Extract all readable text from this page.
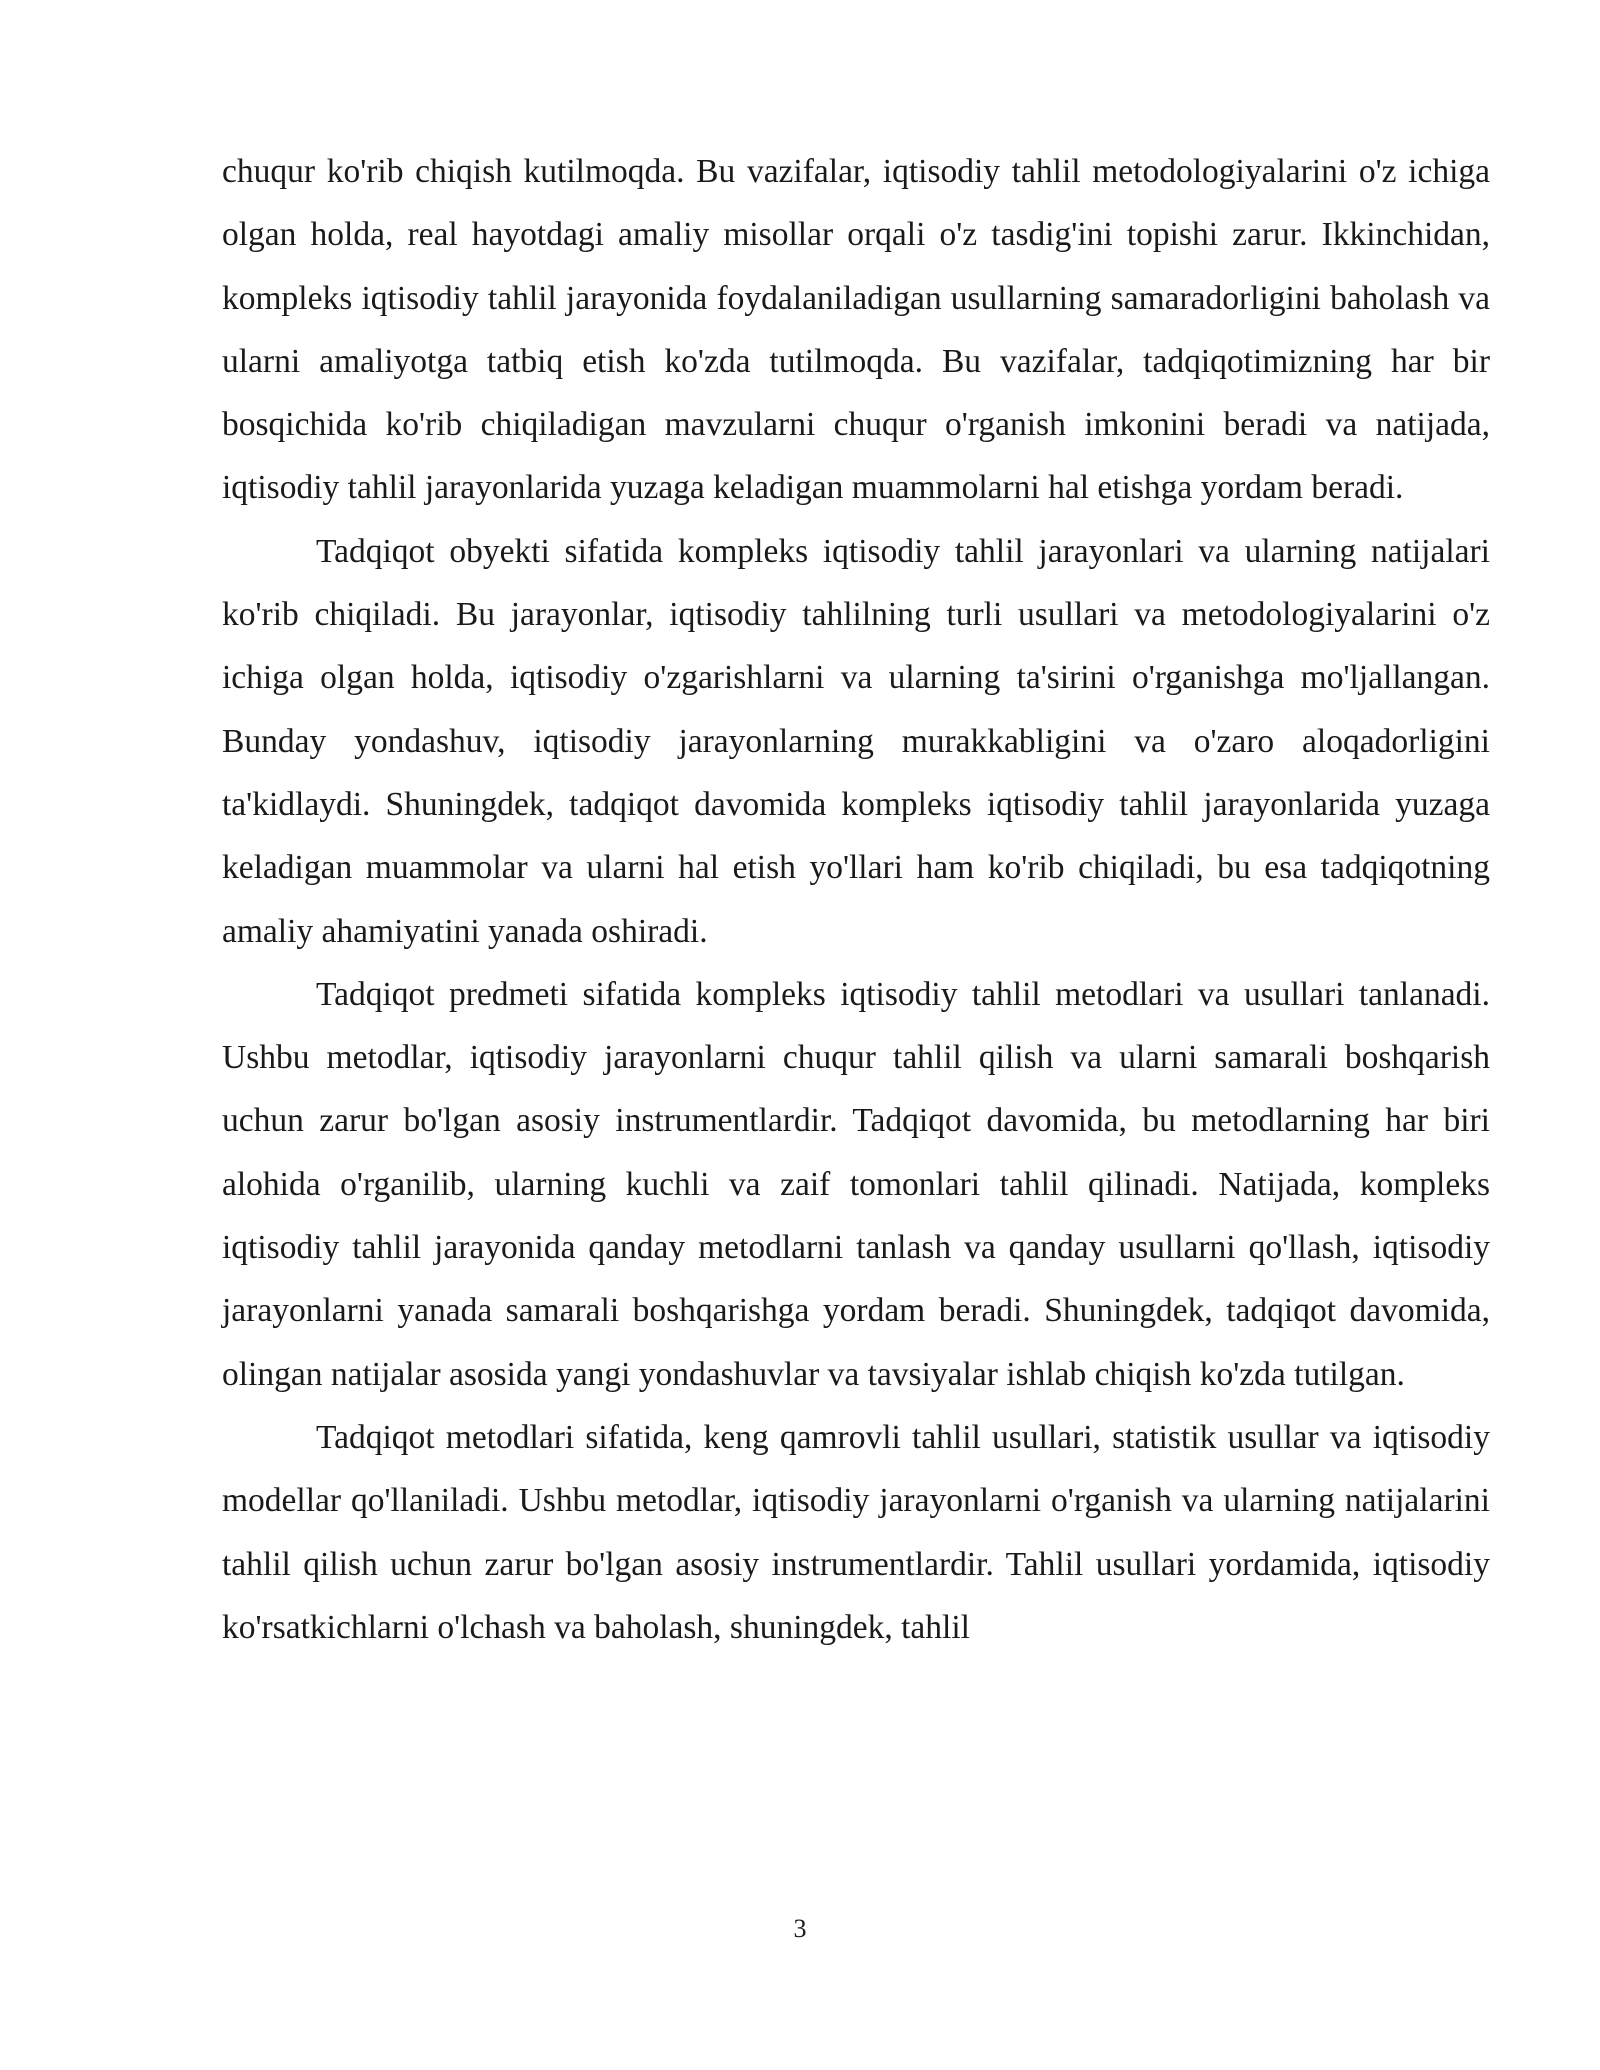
chuqur ko'rib chiqish kutilmoqda. Bu vazifalar, iqtisodiy tahlil metodologiyalarini o'z ichiga olgan holda, real hayotdagi amaliy misollar orqali o'z tasdig'ini topishi zarur. Ikkinchidan, kompleks iqtisodiy tahlil jarayonida foydalaniladigan usullarning samaradorligini baholash va ularni amaliyotga tatbiq etish ko'zda tutilmoqda. Bu vazifalar, tadqiqotimizning har bir bosqichida ko'rib chiqiladigan mavzularni chuqur o'rganish imkonini beradi va natijada, iqtisodiy tahlil jarayonlarida yuzaga keladigan muammolarni hal etishga yordam beradi.

Tadqiqot obyekti sifatida kompleks iqtisodiy tahlil jarayonlari va ularning natijalari ko'rib chiqiladi. Bu jarayonlar, iqtisodiy tahlilning turli usullari va metodologiyalarini o'z ichiga olgan holda, iqtisodiy o'zgarishlarni va ularning ta'sirini o'rganishga mo'ljallangan. Bunday yondashuv, iqtisodiy jarayonlarning murakkabligini va o'zaro aloqadorligini ta'kidlaydi. Shuningdek, tadqiqot davomida kompleks iqtisodiy tahlil jarayonlarida yuzaga keladigan muammolar va ularni hal etish yo'llari ham ko'rib chiqiladi, bu esa tadqiqotning amaliy ahamiyatini yanada oshiradi.

Tadqiqot predmeti sifatida kompleks iqtisodiy tahlil metodlari va usullari tanlanadi. Ushbu metodlar, iqtisodiy jarayonlarni chuqur tahlil qilish va ularni samarali boshqarish uchun zarur bo'lgan asosiy instrumentlardir. Tadqiqot davomida, bu metodlarning har biri alohida o'rganilib, ularning kuchli va zaif tomonlari tahlil qilinadi. Natijada, kompleks iqtisodiy tahlil jarayonida qanday metodlarni tanlash va qanday usullarni qo'llash, iqtisodiy jarayonlarni yanada samarali boshqarishga yordam beradi. Shuningdek, tadqiqot davomida, olingan natijalar asosida yangi yondashuvlar va tavsiyalar ishlab chiqish ko'zda tutilgan.

Tadqiqot metodlari sifatida, keng qamrovli tahlil usullari, statistik usullar va iqtisodiy modellar qo'llaniladi. Ushbu metodlar, iqtisodiy jarayonlarni o'rganish va ularning natijalarini tahlil qilish uchun zarur bo'lgan asosiy instrumentlardir. Tahlil usullari yordamida, iqtisodiy ko'rsatkichlarni o'lchash va baholash, shuningdek, tahlil

3
